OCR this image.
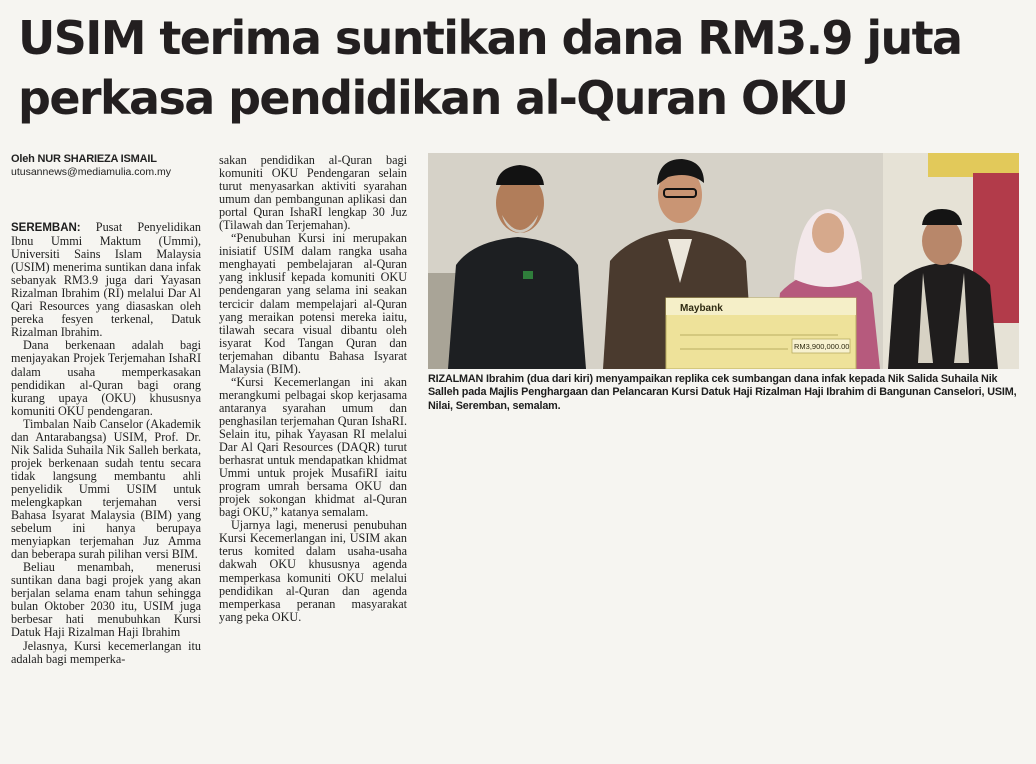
USIM terima suntikan dana RM3.9 juta
perkasa pendidikan al-Quran OKU
Oleh NUR SHARIEZA ISMAIL
utusannews@mediamulia.com.my

SEREMBAN: Pusat Penyelidikan Ibnu Ummi Maktum (Ummi), Universiti Sains Islam Malaysia (USIM) menerima suntikan dana infak sebanyak RM3.9 juga dari Yayasan Rizalman Ibrahim (RI) melalui Dar Al Qari Resources yang diasaskan oleh pereka fesyen terkenal, Datuk Rizalman Ibrahim.

Dana berkenaan adalah bagi menjayakan Projek Terjemahan IshaRI dalam usaha memperkasakan pendidikan al-Quran bagi orang kurang upaya (OKU) khususnya komuniti OKU pendengaran.

Timbalan Naib Canselor (Akademik dan Antarabangsa) USIM, Prof. Dr. Nik Salida Suhaila Nik Salleh berkata, projek berkenaan sudah tentu secara tidak langsung membantu ahli penyelidik Ummi USIM untuk melengkapkan terjemahan versi Bahasa Isyarat Malaysia (BIM) yang sebelum ini hanya berupaya menyiapkan terjemahan Juz Amma dan beberapa surah pilihan versi BIM.

Beliau menambah, menerusi suntikan dana bagi projek yang akan berjalan selama enam tahun sehingga bulan Oktober 2030 itu, USIM juga berbesar hati menubuhkan Kursi Datuk Haji Rizalman Haji Ibrahim

Jelasnya, Kursi kecemerlangan itu adalah bagi memperka-

sakan pendidikan al-Quran bagi komuniti OKU Pendengaran selain turut menyasarkan aktiviti syarahan umum dan pembangunan aplikasi dan portal Quran IshaRI lengkap 30 Juz (Tilawah dan Terjemahan).

“Penubuhan Kursi ini merupakan inisiatif USIM dalam rangka usaha menghayati pembelajaran al-Quran yang inklusif kepada komuniti OKU pendengaran yang selama ini seakan tercicir dalam mempelajari al-Quran yang meraikan potensi mereka iaitu, tilawah secara visual dibantu oleh isyarat Kod Tangan Quran dan terjemahan dibantu Bahasa Isyarat Malaysia (BIM).

“Kursi Kecemerlangan ini akan merangkumi pelbagai skop kerjasama antaranya syarahan umum dan penghasilan terjemahan Quran IshaRI. Selain itu, pihak Yayasan RI melalui Dar Al Qari Resources (DAQR) turut berhasrat untuk mendapatkan khidmat Ummi untuk projek MusafiRI iaitu program umrah bersama OKU dan projek sokongan khidmat al-Quran bagi OKU,” katanya semalam.

Ujarnya lagi, menerusi penubuhan Kursi Kecemerlangan ini, USIM akan terus komited dalam usaha-usaha dakwah OKU khususnya agenda memperkasa komuniti OKU melalui pendidikan al-Quran dan agenda memperkasa peranan masyarakat yang peka OKU.

Maybank
RM3,900,000.00
RIZALMAN Ibrahim (dua dari kiri) menyampaikan replika cek sumbangan dana infak kepada Nik Salida Suhaila Nik Salleh pada Majlis Penghargaan dan Pelancaran Kursi Datuk Haji Rizalman Haji Ibrahim di Bangunan Canselori, USIM, Nilai, Seremban, semalam.
